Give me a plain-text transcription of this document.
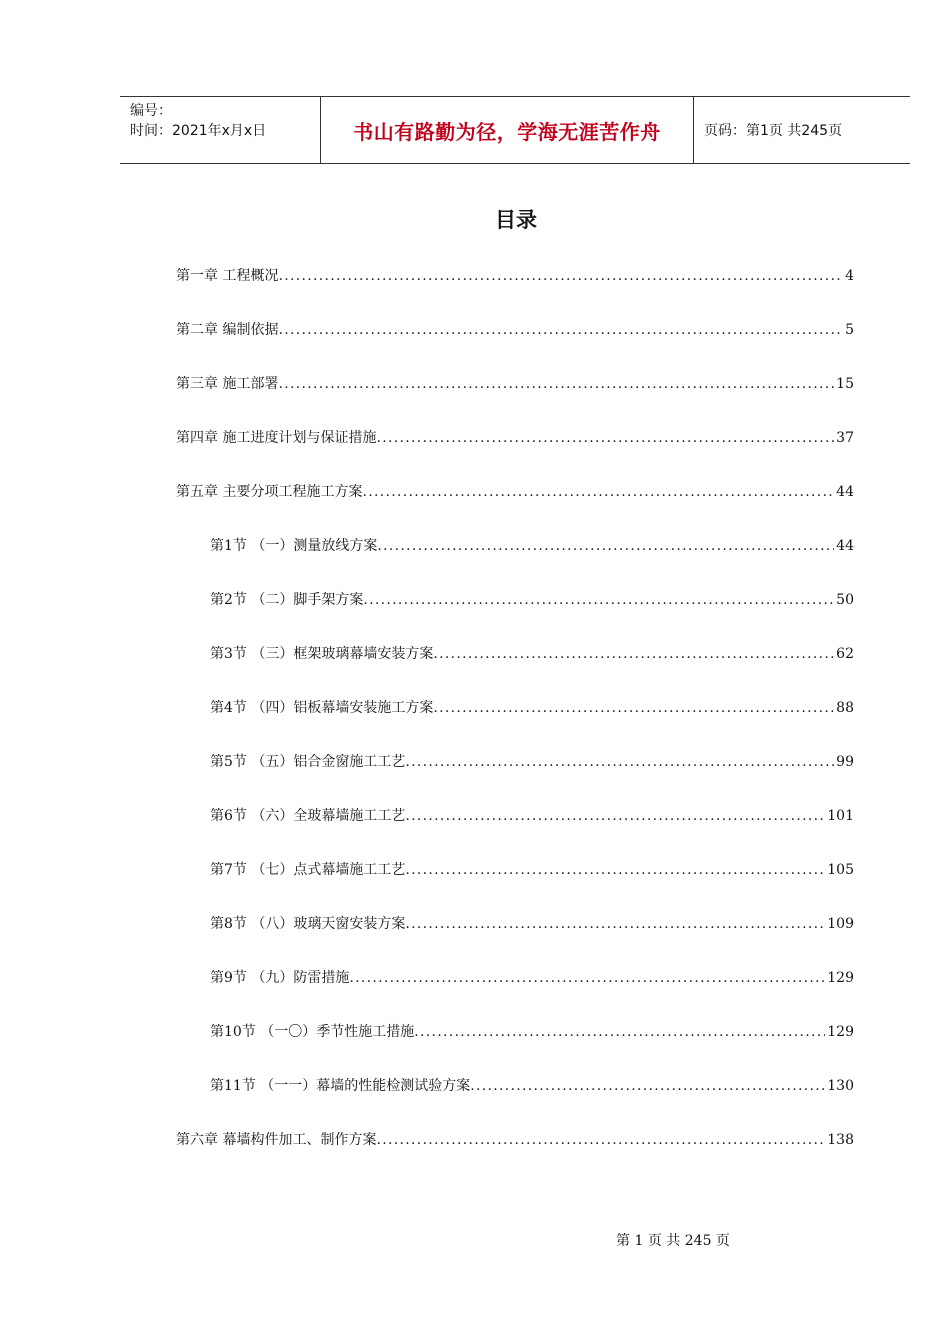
编号：
时间：2021年x月x日	书山有路勤为径，学海无涯苦作舟	页码：第1页 共245页
目录
第一章 工程概况 .....	4
第二章 编制依据 .....	5
第三章 施工部署 .....	15
第四章 施工进度计划与保证措施 .....	37
第五章 主要分项工程施工方案 .....	44
第1节 （一）测量放线方案 .....	44
第2节 （二）脚手架方案 .....	50
第3节 （三）框架玻璃幕墙安装方案 .....	62
第4节 （四）铝板幕墙安装施工方案 .....	88
第5节 （五）铝合金窗施工工艺 .....	99
第6节 （六）全玻幕墙施工工艺 .....	101
第7节 （七）点式幕墙施工工艺 .....	105
第8节 （八）玻璃天窗安装方案 .....	109
第9节 （九）防雷措施 .....	129
第10节 （一〇）季节性施工措施 .....	129
第11节 （一一）幕墙的性能检测试验方案 .....	130
第六章 幕墙构件加工、制作方案 .....	138
第 1 页 共 245 页
